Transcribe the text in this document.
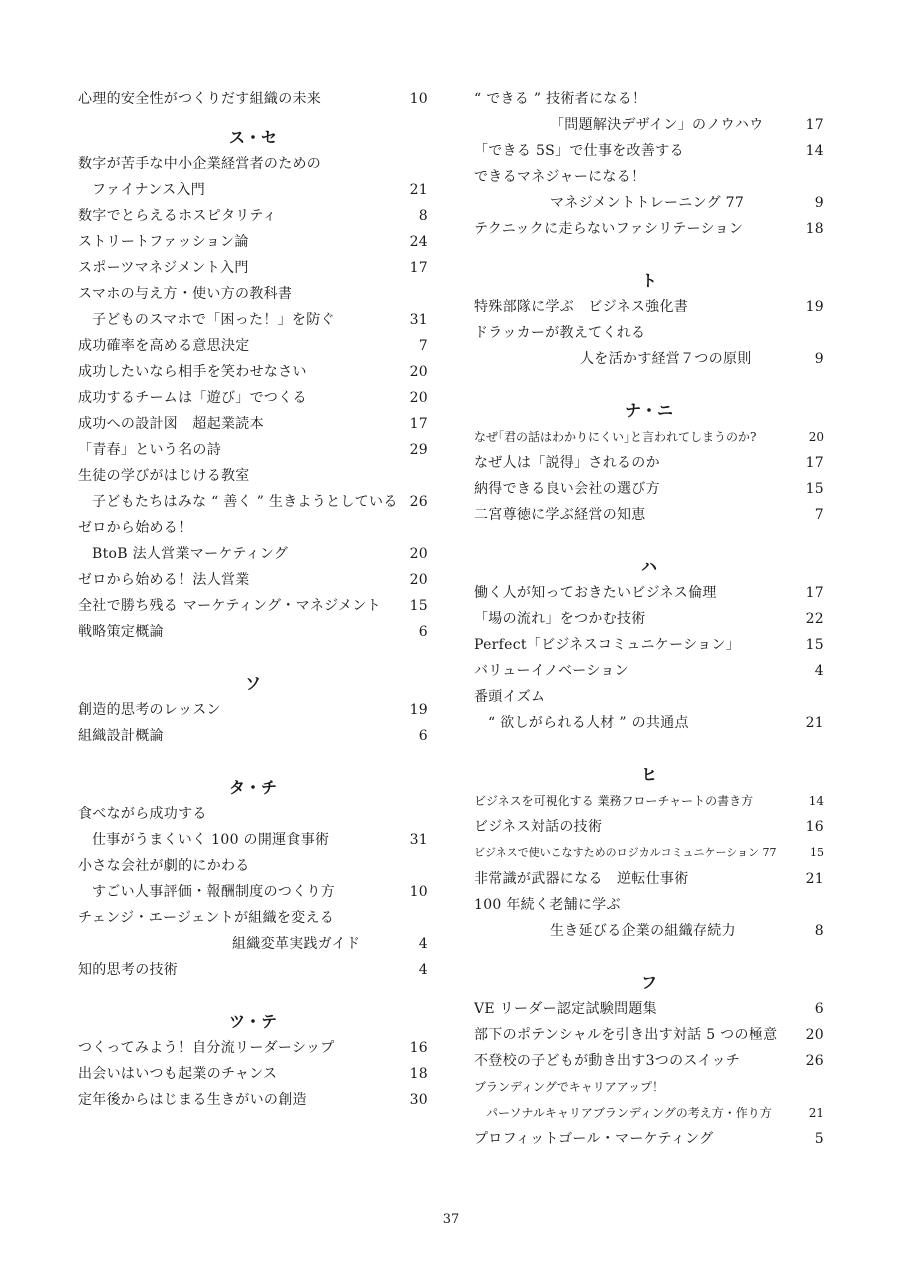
心理的安全性がつくりだす組織の未来	10
ス・セ
数字が苦手な中小企業経営者のための
ファイナンス入門	21
数字でとらえるホスピタリティ	8
ストリートファッション論	24
スポーツマネジメント入門	17
スマホの与え方・使い方の教科書
子どものスマホで「困った！」を防ぐ	31
成功確率を高める意思決定	7
成功したいなら相手を笑わせなさい	20
成功するチームは「遊び」でつくる	20
成功への設計図　超起業読本	17
「青春」という名の詩	29
生徒の学びがはじける教室
子どもたちはみな “ 善く ” 生きようとしている 26
ゼロから始める！
BtoB 法人営業マーケティング	20
ゼロから始める！法人営業	20
全社で勝ち残る マーケティング・マネジメント	15
戦略策定概論	6
ソ
創造的思考のレッスン	19
組織設計概論	6
タ・チ
食べながら成功する
仕事がうまくいく 100 の開運食事術	31
小さな会社が劇的にかわる
すごい人事評価・報酬制度のつくり方	10
チェンジ・エージェントが組織を変える
組織変革実践ガイド	4
知的思考の技術	4
ツ・テ
つくってみよう！自分流リーダーシップ	16
出会いはいつも起業のチャンス	18
定年後からはじまる生きがいの創造	30
“ できる ” 技術者になる！
「問題解決デザイン」のノウハウ	17
「できる 5S」で仕事を改善する	14
できるマネジャーになる！
マネジメントトレーニング 77	9
テクニックに走らないファシリテーション	18
ト
特殊部隊に学ぶ　ビジネス強化書	19
ドラッカーが教えてくれる
人を活かす経営７つの原則	9
ナ・ニ
なぜ｢君の話はわかりにくい｣と言われてしまうのか?	20
なぜ人は「説得」されるのか	17
納得できる良い会社の選び方	15
二宮尊徳に学ぶ経営の知恵	7
ハ
働く人が知っておきたいビジネス倫理	17
「場の流れ」をつかむ技術	22
Perfect「ビジネスコミュニケーション」	15
バリューイノベーション	4
番頭イズム
“ 欲しがられる人材 ” の共通点	21
ヒ
ビジネスを可視化する 業務フローチャートの書き方	14
ビジネス対話の技術	16
ビジネスで使いこなすためのロジカルコミュニケーション 77	15
非常識が武器になる　逆転仕事術	21
100 年続く老舗に学ぶ
生き延びる企業の組織存続力	8
フ
VE リーダー認定試験問題集	6
部下のポテンシャルを引き出す対話 5 つの極意	20
不登校の子どもが動き出す3つのスイッチ	26
ブランディングでキャリアアップ！
パーソナルキャリアブランディングの考え方・作り方	21
プロフィットゴール・マーケティング	5
37
